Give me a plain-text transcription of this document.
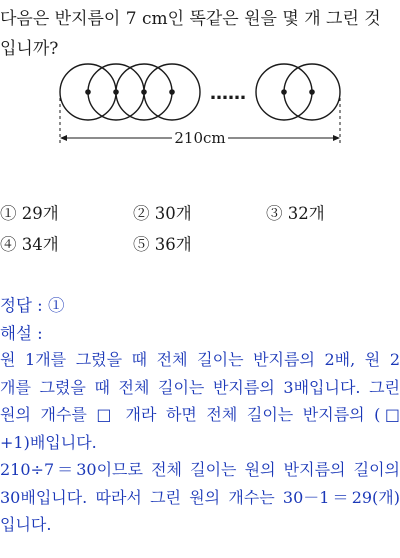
다음은 반지름이 7 cm인 똑같은 원을 몇 개 그린 것
입니까?
……
210cm
① 29개	② 30개	③ 32개
④ 34개	⑤ 36개
정답 : ①
해설 :

원 1개를 그렸을 때 전체 길이는 반지름의 2배, 원 2

개를 그렸을 때 전체 길이는 반지름의 3배입니다. 그린

원의 개수를 □ 개라 하면 전체 길이는 반지름의 (□

+1)배입니다.

210÷7＝30이므로 전체 길이는 원의 반지름의 길이의

30배입니다. 따라서 그린 원의 개수는 30－1＝29(개)

입니다.
